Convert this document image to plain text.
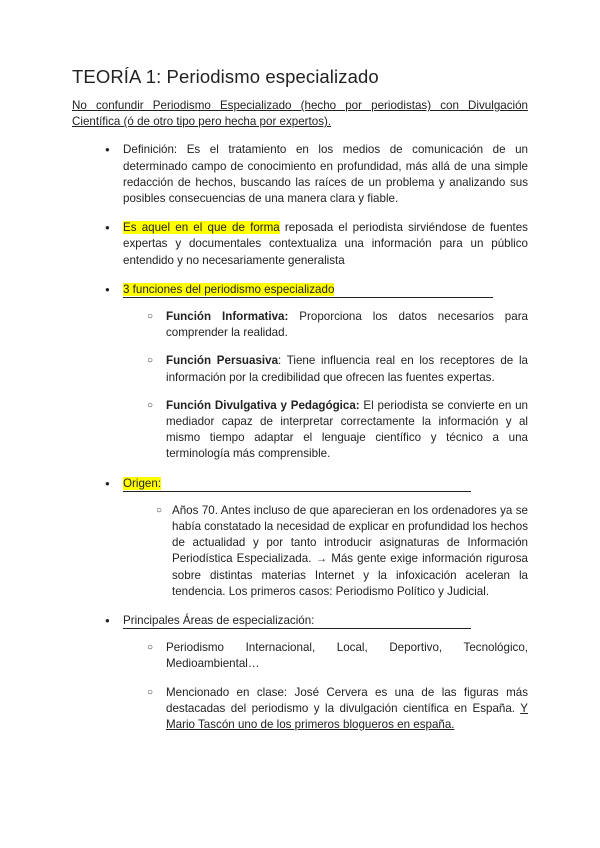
TEORÍA 1: Periodismo especializado

No confundir Periodismo Especializado (hecho por periodistas) con Divulgación Científica (ó de otro tipo pero hecha por expertos).

● Definición: Es el tratamiento en los medios de comunicación de un determinado campo de conocimiento en profundidad, más allá de una simple redacción de hechos, buscando las raíces de un problema y analizando sus posibles consecuencias de una manera clara y fiable.
● Es aquel en el que de forma reposada el periodista sirviéndose de fuentes expertas y documentales contextualiza una información para un público entendido y no necesariamente generalista
● 3 funciones del periodismo especializado
○ Función Informativa: Proporciona los datos necesarios para comprender la realidad.
○ Función Persuasiva: Tiene influencia real en los receptores de la información por la credibilidad que ofrecen las fuentes expertas.
○ Función Divulgativa y Pedagógica: El periodista se convierte en un mediador capaz de interpretar correctamente la información y al mismo tiempo adaptar el lenguaje científico y técnico a una terminología más comprensible.
● Origen:
○ Años 70. Antes incluso de que aparecieran en los ordenadores ya se había constatado la necesidad de explicar en profundidad los hechos de actualidad y por tanto introducir asignaturas de Información Periodística Especializada. → Más gente exige información rigurosa sobre distintas materias Internet y la infoxicación aceleran la tendencia. Los primeros casos: Periodismo Político y Judicial.
● Principales Áreas de especialización:
○ Periodismo Internacional, Local, Deportivo, Tecnológico, Medioambiental…
○ Mencionado en clase: José Cervera es una de las figuras más destacadas del periodismo y la divulgación científica en España. Y Mario Tascón uno de los primeros blogueros en españa.
